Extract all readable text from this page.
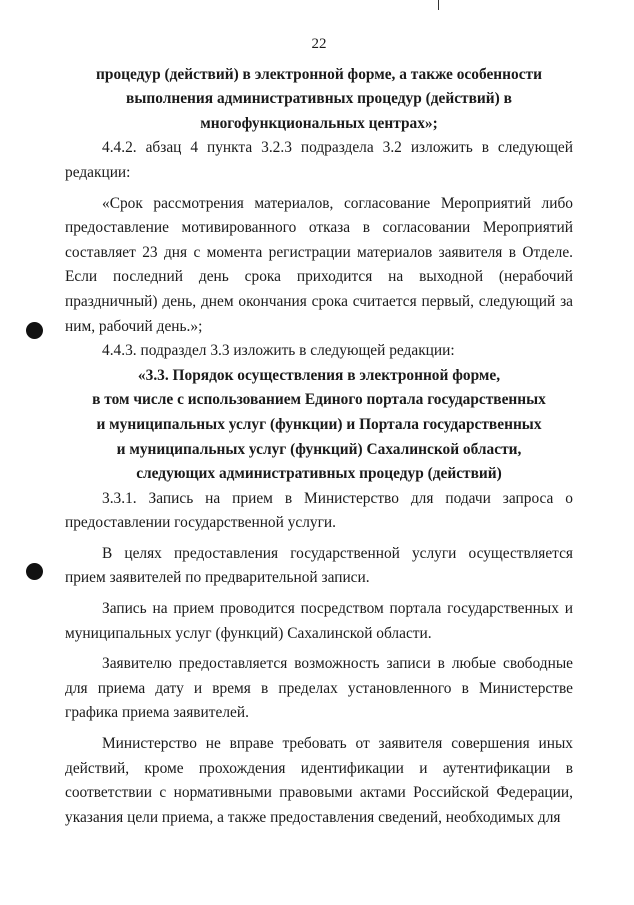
22
процедур (действий) в электронной форме, а также особенности
выполнения административных процедур (действий) в
многофункциональных центрах»;

4.4.2. абзац 4 пункта 3.2.3 подраздела 3.2 изложить в следующей редакции:

«Срок рассмотрения материалов, согласование Мероприятий либо предоставление мотивированного отказа в согласовании Мероприятий составляет 23 дня с момента регистрации материалов заявителя в Отделе. Если последний день срока приходится на выходной (нерабочий праздничный) день, днем окончания срока считается первый, следующий за ним, рабочий день.»;

4.4.3. подраздел 3.3 изложить в следующей редакции:

«3.3. Порядок осуществления в электронной форме,
в том числе с использованием Единого портала государственных
и муниципальных услуг (функции) и Портала государственных
и муниципальных услуг (функций) Сахалинской области,
следующих административных процедур (действий)

3.3.1. Запись на прием в Министерство для подачи запроса о предоставлении государственной услуги.

В целях предоставления государственной услуги осуществляется прием заявителей по предварительной записи.

Запись на прием проводится посредством портала государственных и муниципальных услуг (функций) Сахалинской области.

Заявителю предоставляется возможность записи в любые свободные для приема дату и время в пределах установленного в Министерстве графика приема заявителей.

Министерство не вправе требовать от заявителя совершения иных действий, кроме прохождения идентификации и аутентификации в соответствии с нормативными правовыми актами Российской Федерации, указания цели приема, а также предоставления сведений, необходимых для
